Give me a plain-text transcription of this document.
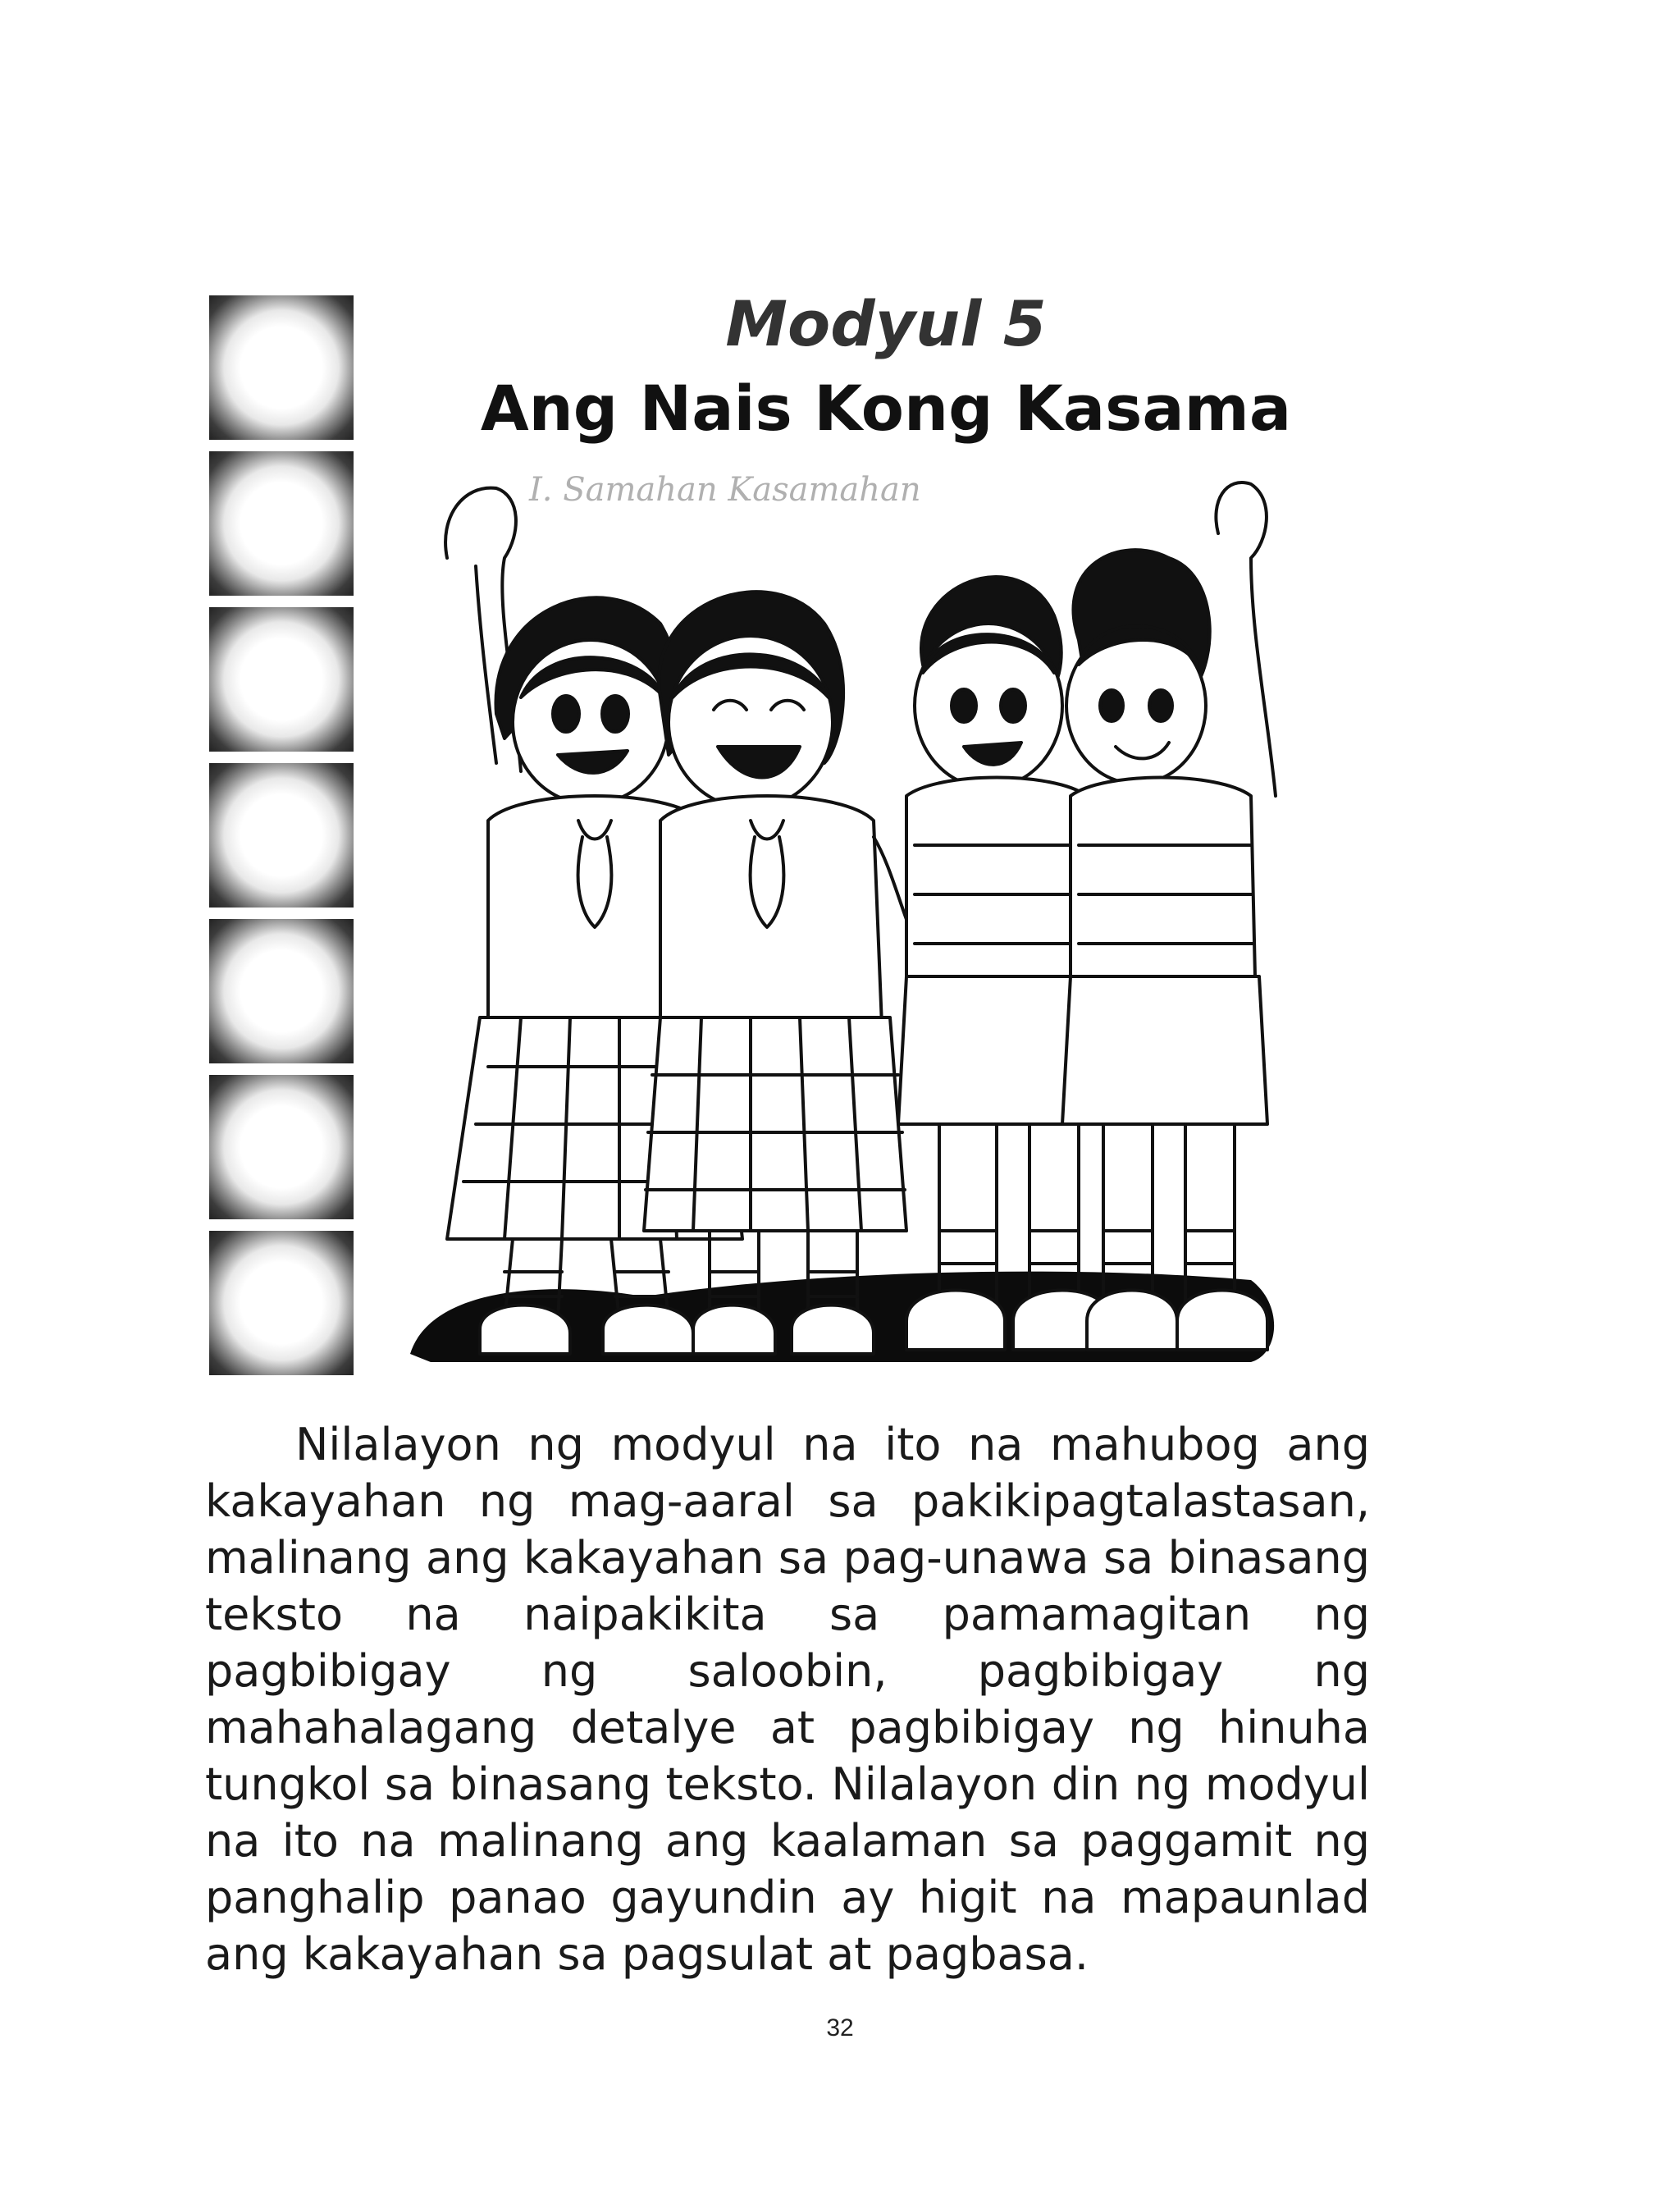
Modyul 5

Ang Nais Kong Kasama

I. Samahan Kasamahan

Nilalayon ng modyul na ito na mahubog ang kakayahan ng mag-aaral sa pakikipagtalastasan, malinang ang kakayahan sa pag-unawa sa binasang teksto na naipakikita sa pamamagitan ng pagbibigay ng saloobin, pagbibigay ng mahahalagang detalye at pagbibigay ng hinuha tungkol sa binasang teksto. Nilalayon din ng modyul na ito na malinang ang kaalaman sa paggamit ng panghalip panao gayundin ay higit na mapaunlad ang kakayahan sa pagsulat at pagbasa.

32
